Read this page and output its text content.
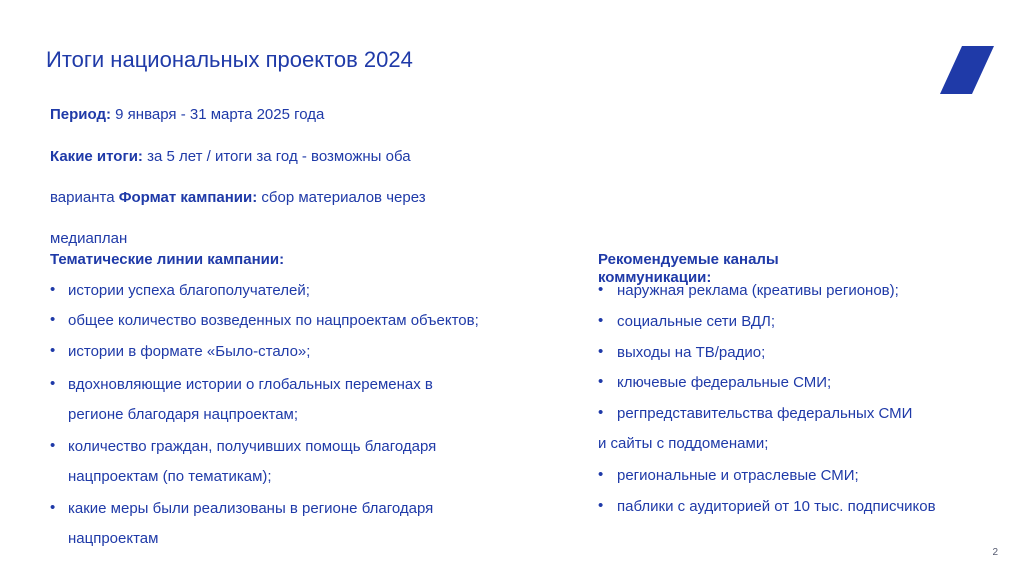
Итоги национальных проектов 2024
Период: 9 января - 31 марта 2025 года
Какие итоги: за 5 лет / итоги за год - возможны оба
варианта Формат кампании: сбор материалов через
медиаплан
Тематические линии кампании:
• истории успеха благополучателей;
• общее количество возведенных по нацпроектам объектов;
• истории в формате «Было-стало»;
• вдохновляющие истории о глобальных переменах в
регионе благодаря нацпроектам;
• количество граждан, получивших помощь благодаря
нацпроектам (по тематикам);
• какие меры были реализованы в регионе благодаря
нацпроектам
Рекомендуемые каналы
коммуникации:
• наружная реклама (креативы регионов);
• социальные сети ВДЛ;
• выходы на ТВ/радио;
• ключевые федеральные СМИ;
• регпредставительства федеральных СМИ
и сайты с поддоменами;
• региональные и отраслевые СМИ;
• паблики с аудиторией от 10 тыс. подписчиков
2
